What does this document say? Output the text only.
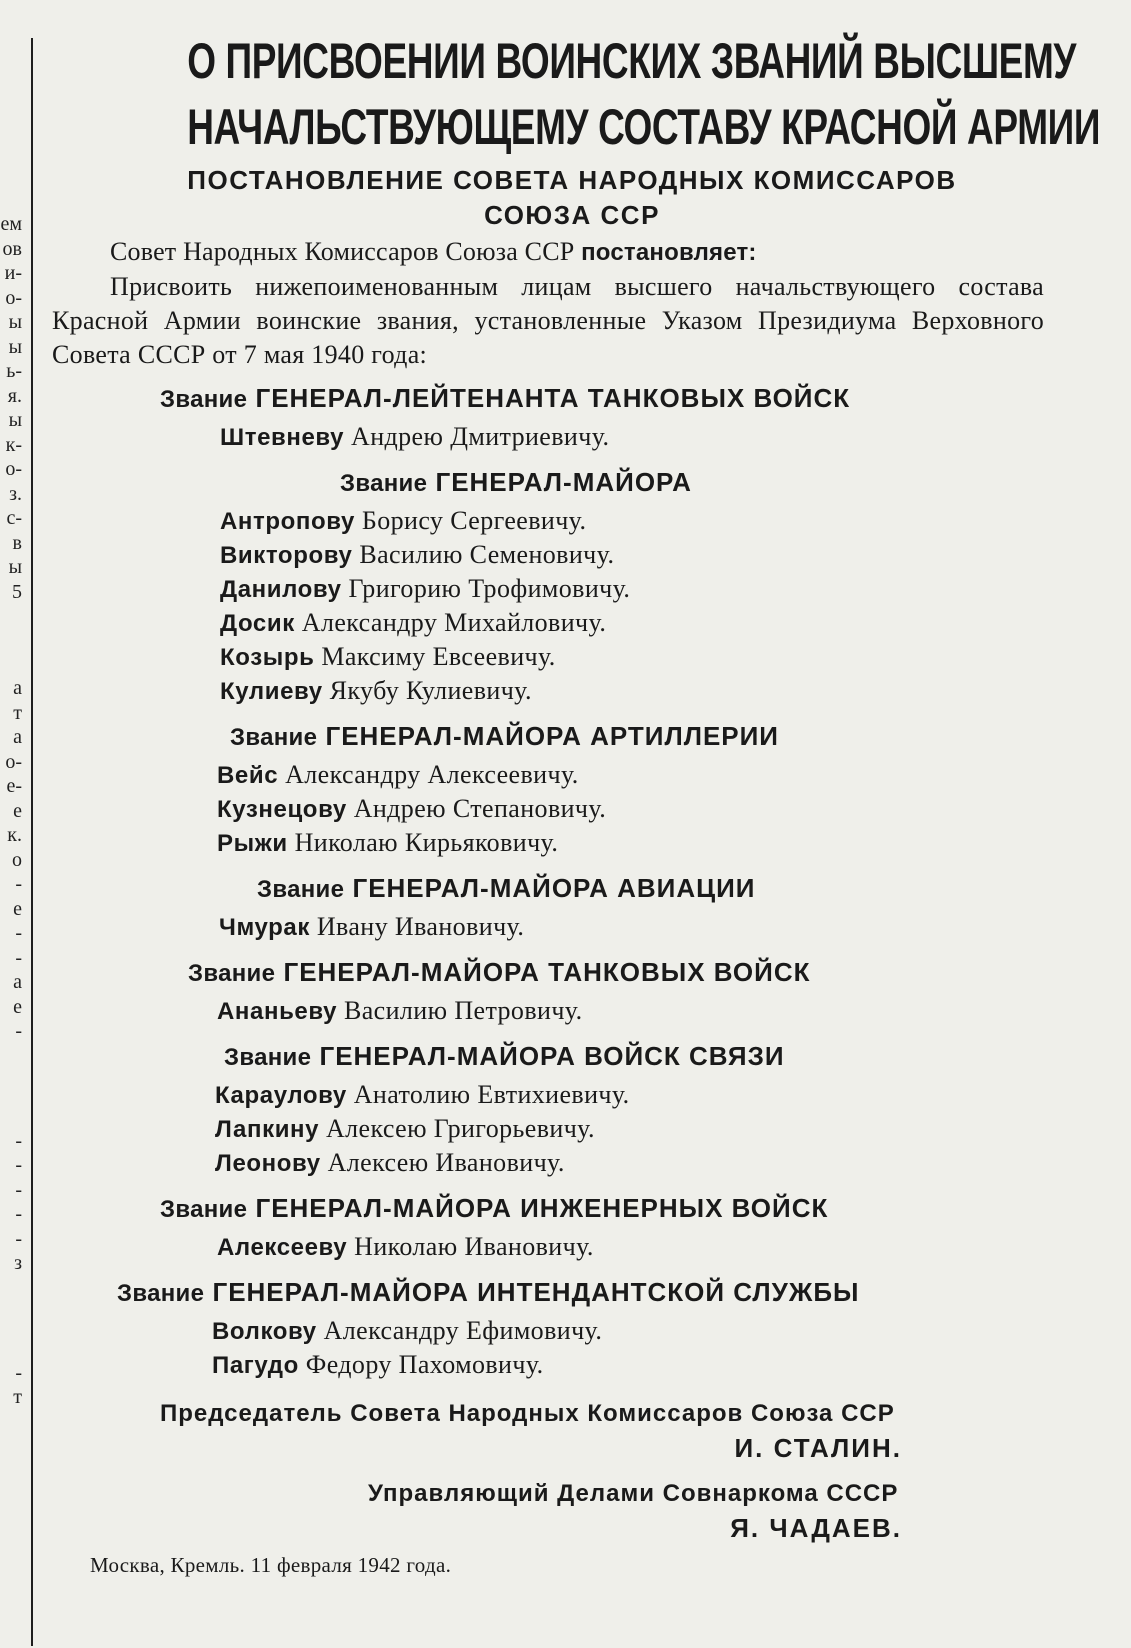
ем
ов
и-
о-
ы
ы
ь-
я.
ы
к-
о-
з.
с-
в
ы
5
а
т
а
о-
е-
е
к.
о
-
е
-
-
а
е
-
-
-
-
-
-
з
-
т
О ПРИСВОЕНИИ ВОИНСКИХ ЗВАНИЙ ВЫСШЕМУ
НАЧАЛЬСТВУЮЩЕМУ СОСТАВУ КРАСНОЙ АРМИИ
ПОСТАНОВЛЕНИЕ СОВЕТА НАРОДНЫХ КОМИССАРОВ
СОЮЗА ССР
Совет Народных Комиссаров Союза ССР постановляет:

Присвоить нижепоименованным лицам высшего начальствующего состава Красной Армии воинские звания, установленные Указом Президиума Верховного Совета СССР от 7 мая 1940 года:

Звание ГЕНЕРАЛ-ЛЕЙТЕНАНТА ТАНКОВЫХ ВОЙСК
Штевневу Андрею Дмитриевичу.
Звание ГЕНЕРАЛ-МАЙОРА
Антропову Борису Сергеевичу.
Викторову Василию Семеновичу.
Данилову Григорию Трофимовичу.
Досик Александру Михайловичу.
Козырь Максиму Евсеевичу.
Кулиеву Якубу Кулиевичу.
Звание ГЕНЕРАЛ-МАЙОРА АРТИЛЛЕРИИ
Вейс Александру Алексеевичу.
Кузнецову Андрею Степановичу.
Рыжи Николаю Кирьяковичу.
Звание ГЕНЕРАЛ-МАЙОРА АВИАЦИИ
Чмурак Ивану Ивановичу.
Звание ГЕНЕРАЛ-МАЙОРА ТАНКОВЫХ ВОЙСК
Ананьеву Василию Петровичу.
Звание ГЕНЕРАЛ-МАЙОРА ВОЙСК СВЯЗИ
Караулову Анатолию Евтихиевичу.
Лапкину Алексею Григорьевичу.
Леонову Алексею Ивановичу.
Звание ГЕНЕРАЛ-МАЙОРА ИНЖЕНЕРНЫХ ВОЙСК
Алексееву Николаю Ивановичу.
Звание ГЕНЕРАЛ-МАЙОРА ИНТЕНДАНТСКОЙ СЛУЖБЫ
Волкову Александру Ефимовичу.
Пагудо Федору Пахомовичу.
Председатель Совета Народных Комиссаров Союза ССР
И. СТАЛИН.
Управляющий Делами Совнаркома СССР
Я. ЧАДАЕВ.
Москва, Кремль. 11 февраля 1942 года.
